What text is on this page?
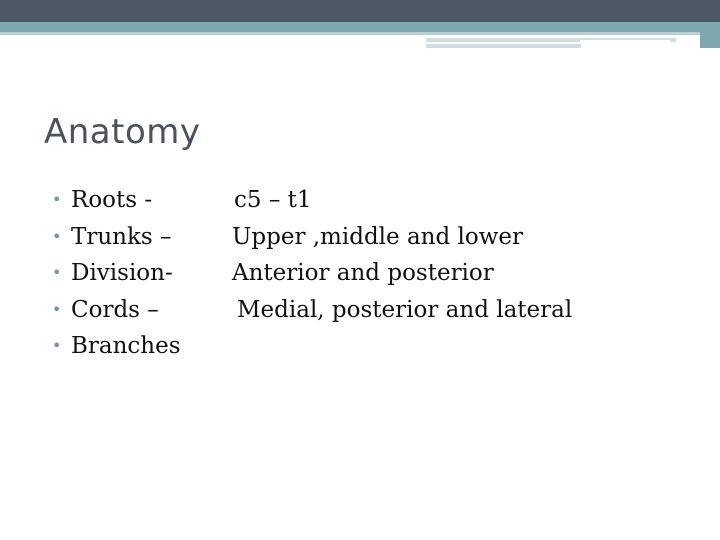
Anatomy
• Roots -	c5 – t1
• Trunks –	Upper ,middle and lower
• Division-	Anterior and posterior
• Cords –	Medial, posterior and lateral
• Branches
